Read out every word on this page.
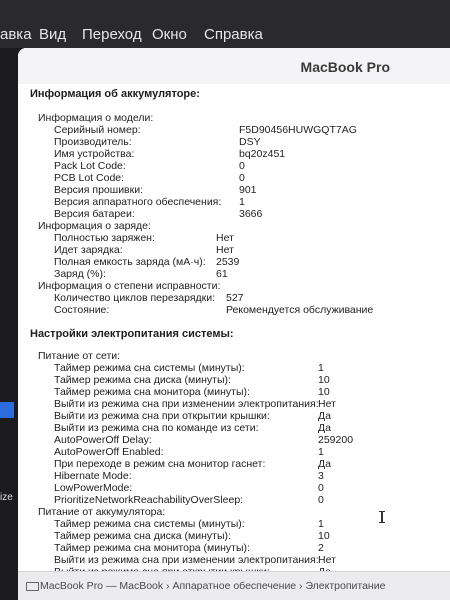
авка Вид Переход Окно Справка
ize
MacBook Pro
Информация об аккумуляторе:
Информация о модели:
Серийный номер:	F5D90456HUWGQT7AG
Производитель:	DSY
Имя устройства:	bq20z451
Pack Lot Code:	0
PCB Lot Code:	0
Версия прошивки:	901
Версия аппаратного обеспечения: 1
Версия батареи:	3666
Информация о заряде:
Полностью заряжен:	Нет
Идет зарядка:	Нет
Полная емкость заряда (мА·ч): 2539
Заряд (%):	61
Информация о степени исправности:
Количество циклов перезарядки: 527
Состояние:	Рекомендуется обслуживание
Настройки электропитания системы:
Питание от сети:
Таймер режима сна системы (минуты):	1
Таймер режима сна диска (минуты):	10
Таймер режима сна монитора (минуты):	10
Выйти из режима сна при изменении электропитания: Нет
Выйти из режима сна при открытии крышки:	Да
Выйти из режима сна по команде из сети:	Да
AutoPowerOff Delay:	259200
AutoPowerOff Enabled:	1
При переходе в режим сна монитор гаснет:	Да
Hibernate Mode:	3
LowPowerMode:	0
PrioritizeNetworkReachabilityOverSleep:	0
Питание от аккумулятора:
Таймер режима сна системы (минуты):	1
Таймер режима сна диска (минуты):	10
Таймер режима сна монитора (минуты):	2
Выйти из режима сна при изменении электропитания: Нет
MacBook Pro — MacBook › Аппаратное обеспечение › Электропитание
